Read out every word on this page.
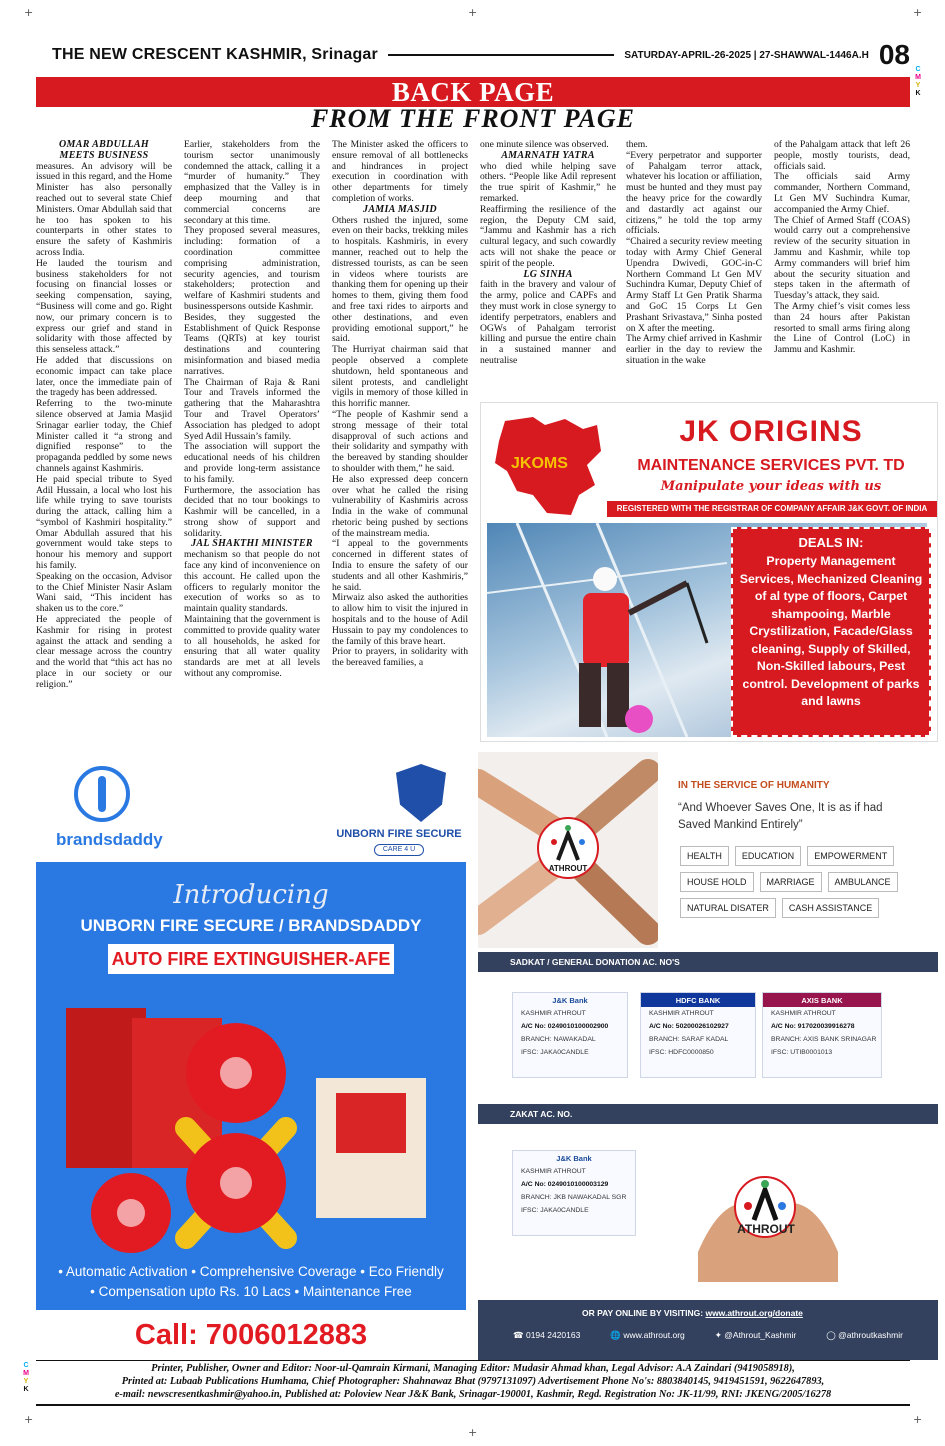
+	+	+
+
+
+
C
M
Y
K
C
M
Y
K
THE NEW CRESCENT KASHMIR, Srinagar	SATURDAY-APRIL-26-2025 | 27-SHAWWAL-1446A.H 08
BACK PAGE
FROM THE FRONT PAGE

OMAR ABDULLAH

MEETS BUSINESS

measures. An advisory will be issued in this regard, and the Home Minister has also personally reached out to several state Chief Ministers. Omar Abdullah said that he too has spoken to his counterparts in other states to ensure the safety of Kashmiris across India.

He lauded the tourism and business stakeholders for not focusing on financial losses or seeking compensation, saying, “Business will come and go. Right now, our primary concern is to express our grief and stand in solidarity with those affected by this senseless attack.”

He added that discussions on economic impact can take place later, once the immediate pain of the tragedy has been addressed.

Referring to the two-minute silence observed at Jamia Masjid Srinagar earlier today, the Chief Minister called it “a strong and dignified response” to the propaganda peddled by some news channels against Kashmiris.

He paid special tribute to Syed Adil Hussain, a local who lost his life while trying to save tourists during the attack, calling him a “symbol of Kashmiri hospitality.” Omar Abdullah assured that his government would take steps to honour his memory and support his family.

Speaking on the occasion, Advisor to the Chief Minister Nasir Aslam Wani said, “This incident has shaken us to the core.”

He appreciated the people of Kashmir for rising in protest against the attack and sending a clear message across the country and the world that “this act has no place in our society or our religion.”

Earlier, stakeholders from the tourism sector unanimously condemned the attack, calling it a “murder of humanity.” They emphasized that the Valley is in deep mourning and that commercial concerns are secondary at this time.

They proposed several measures, including: formation of a coordination committee comprising administration, security agencies, and tourism stakeholders; protection and welfare of Kashmiri students and businesspersons outside Kashmir.

Besides, they suggested the Establishment of Quick Response Teams (QRTs) at key tourist destinations and countering misinformation and biased media narratives.

The Chairman of Raja & Rani Tour and Travels informed the gathering that the Maharashtra Tour and Travel Operators’ Association has pledged to adopt Syed Adil Hussain’s family.

The association will support the educational needs of his children and provide long-term assistance to his family.

Furthermore, the association has decided that no tour bookings to Kashmir will be cancelled, in a strong show of support and solidarity.

JAL SHAKTHI MINISTER

mechanism so that people do not face any kind of inconvenience on this account. He called upon the officers to regularly monitor the execution of works so as to maintain quality standards.

Maintaining that the government is committed to provide quality water to all households, he asked for ensuring that all water quality standards are met at all levels without any compromise.

The Minister asked the officers to ensure removal of all bottlenecks and hindrances in project execution in coordination with other departments for timely completion of works.

JAMIA MASJID

Others rushed the injured, some even on their backs, trekking miles to hospitals. Kashmiris, in every manner, reached out to help the distressed tourists, as can be seen in videos where tourists are thanking them for opening up their homes to them, giving them food and free taxi rides to airports and other destinations, and even providing emotional support,” he said.

The Hurriyat chairman said that people observed a complete shutdown, held spontaneous and silent protests, and candlelight vigils in memory of those killed in this horrific manner.

“The people of Kashmir send a strong message of their total disapproval of such actions and their solidarity and sympathy with the bereaved by standing shoulder to shoulder with them,” he said.

He also expressed deep concern over what he called the rising vulnerability of Kashmiris across India in the wake of communal rhetoric being pushed by sections of the mainstream media.

“I appeal to the governments concerned in different states of India to ensure the safety of our students and all other Kashmiris,” he said.

Mirwaiz also asked the authorities to allow him to visit the injured in hospitals and to the house of Adil Hussain to pay my condolences to the family of this brave heart.

Prior to prayers, in solidarity with the bereaved families, a

one minute silence was observed.

AMARNATH YATRA

who died while helping save others. “People like Adil represent the true spirit of Kashmir,” he remarked.

Reaffirming the resilience of the region, the Deputy CM said, “Jammu and Kashmir has a rich cultural legacy, and such cowardly acts will not shake the peace or spirit of the people.

LG SINHA

faith in the bravery and valour of the army, police and CAPFs and they must work in close synergy to identify perpetrators, enablers and OGWs of Pahalgam terrorist killing and pursue the entire chain in a sustained manner and neutralise

them.

“Every perpetrator and supporter of Pahalgam terror attack, whatever his location or affiliation, must be hunted and they must pay the heavy price for the cowardly and dastardly act against our citizens,” he told the top army officials.

“Chaired a security review meeting today with Army Chief General Upendra Dwivedi, GOC-in-C Northern Command Lt Gen MV Suchindra Kumar, Deputy Chief of Army Staff Lt Gen Pratik Sharma and GoC 15 Corps Lt Gen Prashant Srivastava,” Sinha posted on X after the meeting.

The Army chief arrived in Kashmir earlier in the day to review the situation in the wake

of the Pahalgam attack that left 26 people, mostly tourists, dead, officials said.

The officials said Army commander, Northern Command, Lt Gen MV Suchindra Kumar, accompanied the Army Chief.

The Chief of Armed Staff (COAS) would carry out a comprehensive review of the security situation in Jammu and Kashmir, while top Army commanders will brief him about the security situation and steps taken in the aftermath of Tuesday’s attack, they said.

The Army chief’s visit comes less than 24 hours after Pakistan resorted to small arms firing along the Line of Control (LoC) in Jammu and Kashmir.

JKOMS
JK ORIGINS
MAINTENANCE SERVICES PVT. TD
Manipulate your ideas with us
REGISTERED WITH THE REGISTRAR OF COMPANY AFFAIR J&K GOVT. OF INDIA
DEALS IN:
Property Management Services, Mechanized Cleaning of al type of floors, Carpet shampooing, Marble Crystilization, Facade/Glass cleaning, Supply of Skilled, Non-Skilled labours, Pest control. Development of parks and lawns
brandsdaddy	UNBORN FIRE SECURE
CARE 4 U
Introducing
UNBORN FIRE SECURE / BRANDSDADDY
AUTO FIRE EXTINGUISHER-AFE
• Automatic Activation • Comprehensive Coverage • Eco Friendly
• Compensation upto Rs. 10 Lacs • Maintenance Free
Call: 7006012883
ATHROUT
IN THE SERVICE OF HUMANITY
“And Whoever Saves One, It is as if had Saved Mankind Entirely”
HEALTH	EDUCATION	EMPOWERMENT
HOUSE HOLD	MARRIAGE	AMBULANCE
NATURAL DISATER	CASH ASSISTANCE
SADKAT / GENERAL DONATION AC. NO'S
J&K Bank
KASHMIR ATHROUT
A/C No: 0249010100002900
BRANCH: NAWAKADAL
IFSC: JAKA0CANDLE
HDFC BANK
KASHMIR ATHROUT
A/C No: 50200026102927
BRANCH: SARAF KADAL
IFSC: HDFC0000850
AXIS BANK
KASHMIR ATHROUT
A/C No: 917020039916278
BRANCH: AXIS BANK SRINAGAR
IFSC: UTIB0001013
ZAKAT AC. NO.
J&K Bank
KASHMIR ATHROUT
A/C No: 0249010100003129
BRANCH: JKB NAWAKADAL SGR
IFSC: JAKA0CANDLE
ATHROUT
OR PAY ONLINE BY VISITING: www.athrout.org/donate
☎ 0194 2420163	🌐 www.athrout.org	✦ @Athrout_Kashmir	◯ @athroutkashmir
Printer, Publisher, Owner and Editor: Noor-ul-Qamrain Kirmani, Managing Editor: Mudasir Ahmad khan, Legal Advisor: A.A Zaindari (9419058918),
Printed at: Lubaab Publications Humhama, Chief Photographer: Shahnawaz Bhat (9797131097) Advertisement Phone No's: 8803840145, 9419451591, 9622647893,
e-mail: newscresentkashmir@yahoo.in, Published at: Poloview Near J&K Bank, Srinagar-190001, Kashmir, Regd. Registration No: JK-11/99, RNI: JKENG/2005/16278
